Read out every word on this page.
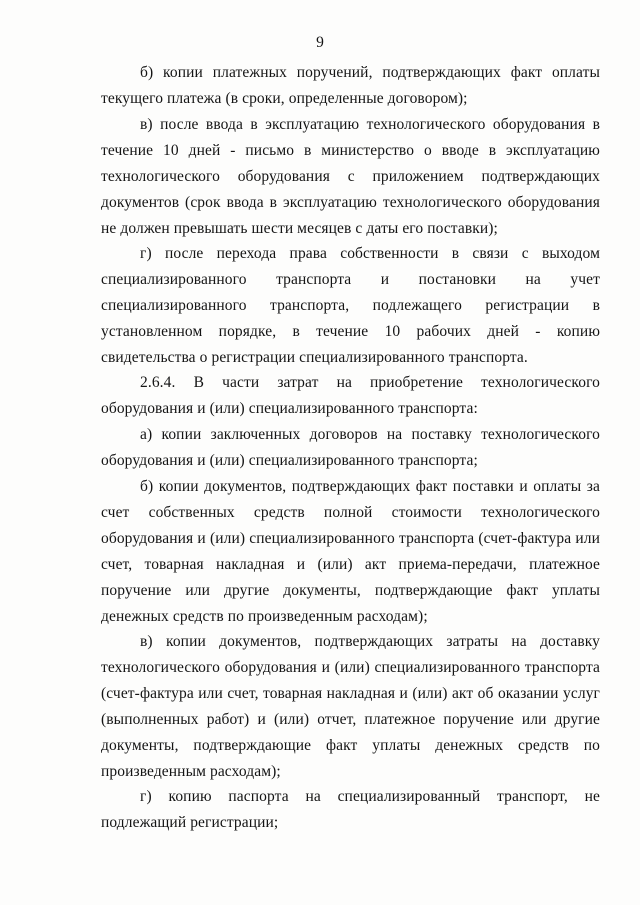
9

б) копии платежных поручений, подтверждающих факт оплаты текущего платежа (в сроки, определенные договором);

в) после ввода в эксплуатацию технологического оборудования в течение 10 дней - письмо в министерство о вводе в эксплуатацию технологического оборудования с приложением подтверждающих документов (срок ввода в эксплуатацию технологического оборудования не должен превышать шести месяцев с даты его поставки);

г) после перехода права собственности в связи с выходом специализированного транспорта и постановки на учет специализированного транспорта, подлежащего регистрации в установленном порядке, в течение 10 рабочих дней - копию свидетельства о регистрации специализированного транспорта.

2.6.4. В части затрат на приобретение технологического оборудования и (или) специализированного транспорта:

а) копии заключенных договоров на поставку технологического оборудования и (или) специализированного транспорта;

б) копии документов, подтверждающих факт поставки и оплаты за счет собственных средств полной стоимости технологического оборудования и (или) специализированного транспорта (счет-фактура или счет, товарная накладная и (или) акт приема-передачи, платежное поручение или другие документы, подтверждающие факт уплаты денежных средств по произведенным расходам);

в) копии документов, подтверждающих затраты на доставку технологического оборудования и (или) специализированного транспорта (счет-фактура или счет, товарная накладная и (или) акт об оказании услуг (выполненных работ) и (или) отчет, платежное поручение или другие документы, подтверждающие факт уплаты денежных средств по произведенным расходам);

г) копию паспорта на специализированный транспорт, не подлежащий регистрации;
